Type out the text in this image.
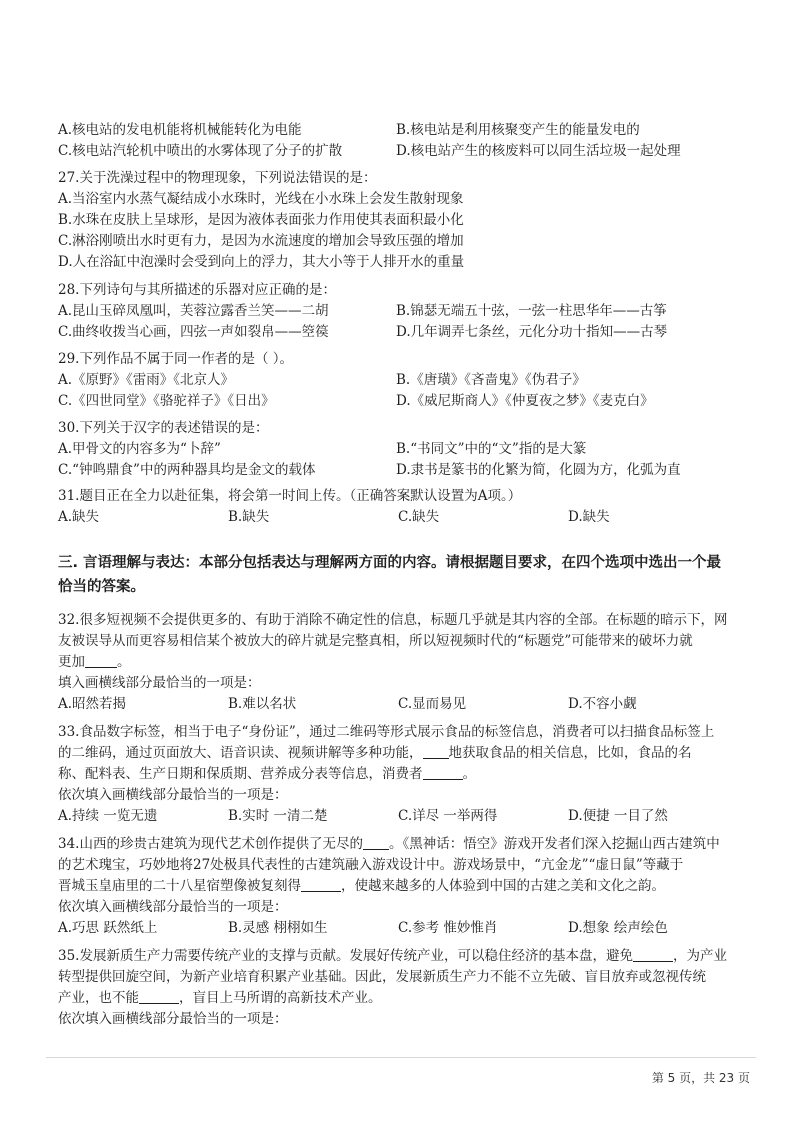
A.核电站的发电机能将机械能转化为电能	B.核电站是利用核聚变产生的能量发电的
C.核电站汽轮机中喷出的水雾体现了分子的扩散	D.核电站产生的核废料可以同生活垃圾一起处理
27.关于洗澡过程中的物理现象，下列说法错误的是：
A.当浴室内水蒸气凝结成小水珠时，光线在小水珠上会发生散射现象
B.水珠在皮肤上呈球形，是因为液体表面张力作用使其表面积最小化
C.淋浴刚喷出水时更有力，是因为水流速度的增加会导致压强的增加
D.人在浴缸中泡澡时会受到向上的浮力，其大小等于人排开水的重量
28.下列诗句与其所描述的乐器对应正确的是：
A.昆山玉碎凤凰叫，芙蓉泣露香兰笑——二胡	B.锦瑟无端五十弦，一弦一柱思华年——古筝
C.曲终收拨当心画，四弦一声如裂帛——箜篌	D.几年调弄七条丝，元化分功十指知——古琴
29.下列作品不属于同一作者的是（ ）。
A.《原野》《雷雨》《北京人》	B.《唐璜》《吝啬鬼》《伪君子》
C.《四世同堂》《骆驼祥子》《日出》	D.《威尼斯商人》《仲夏夜之梦》《麦克白》
30.下列关于汉字的表述错误的是：
A.甲骨文的内容多为“卜辞”	B.“书同文”中的“文”指的是大篆
C.“钟鸣鼎食”中的两种器具均是金文的载体	D.隶书是篆书的化繁为简，化圆为方，化弧为直
31.题目正在全力以赴征集，将会第一时间上传。（正确答案默认设置为A项。）
A.缺失	B.缺失	C.缺失	D.缺失
三. 言语理解与表达：本部分包括表达与理解两方面的内容。请根据题目要求，在四个选项中选出一个最
恰当的答案。
32.很多短视频不会提供更多的、有助于消除不确定性的信息，标题几乎就是其内容的全部。在标题的暗示下，网
友被误导从而更容易相信某个被放大的碎片就是完整真相，所以短视频时代的“标题党”可能带来的破坏力就
更加 。
填入画横线部分最恰当的一项是：
A.昭然若揭	B.难以名状	C.显而易见	D.不容小觑
33.食品数字标签，相当于电子“身份证”，通过二维码等形式展示食品的标签信息，消费者可以扫描食品标签上
的二维码，通过页面放大、语音识读、视频讲解等多种功能， 地获取食品的相关信息，比如，食品的名
称、配料表、生产日期和保质期、营养成分表等信息，消费者	。
依次填入画横线部分最恰当的一项是：
A.持续 一览无遗	B.实时 一清二楚	C.详尽 一举两得	D.便捷 一目了然
34.山西的珍贵古建筑为现代艺术创作提供了无尽的 。《黑神话：悟空》游戏开发者们深入挖掘山西古建筑中
的艺术瑰宝，巧妙地将27处极具代表性的古建筑融入游戏设计中。游戏场景中，“亢金龙”“虚日鼠”等藏于
晋城玉皇庙里的二十八星宿塑像被复刻得	，使越来越多的人体验到中国的古建之美和文化之韵。
依次填入画横线部分最恰当的一项是：
A.巧思 跃然纸上	B.灵感 栩栩如生	C.参考 惟妙惟肖	D.想象 绘声绘色
35.发展新质生产力需要传统产业的支撑与贡献。发展好传统产业，可以稳住经济的基本盘，避免	，为产业
转型提供回旋空间，为新产业培育积累产业基础。因此，发展新质生产力不能不立先破、盲目放弃或忽视传统
产业，也不能	，盲目上马所谓的高新技术产业。
依次填入画横线部分最恰当的一项是：
第 5 页，共 23 页
